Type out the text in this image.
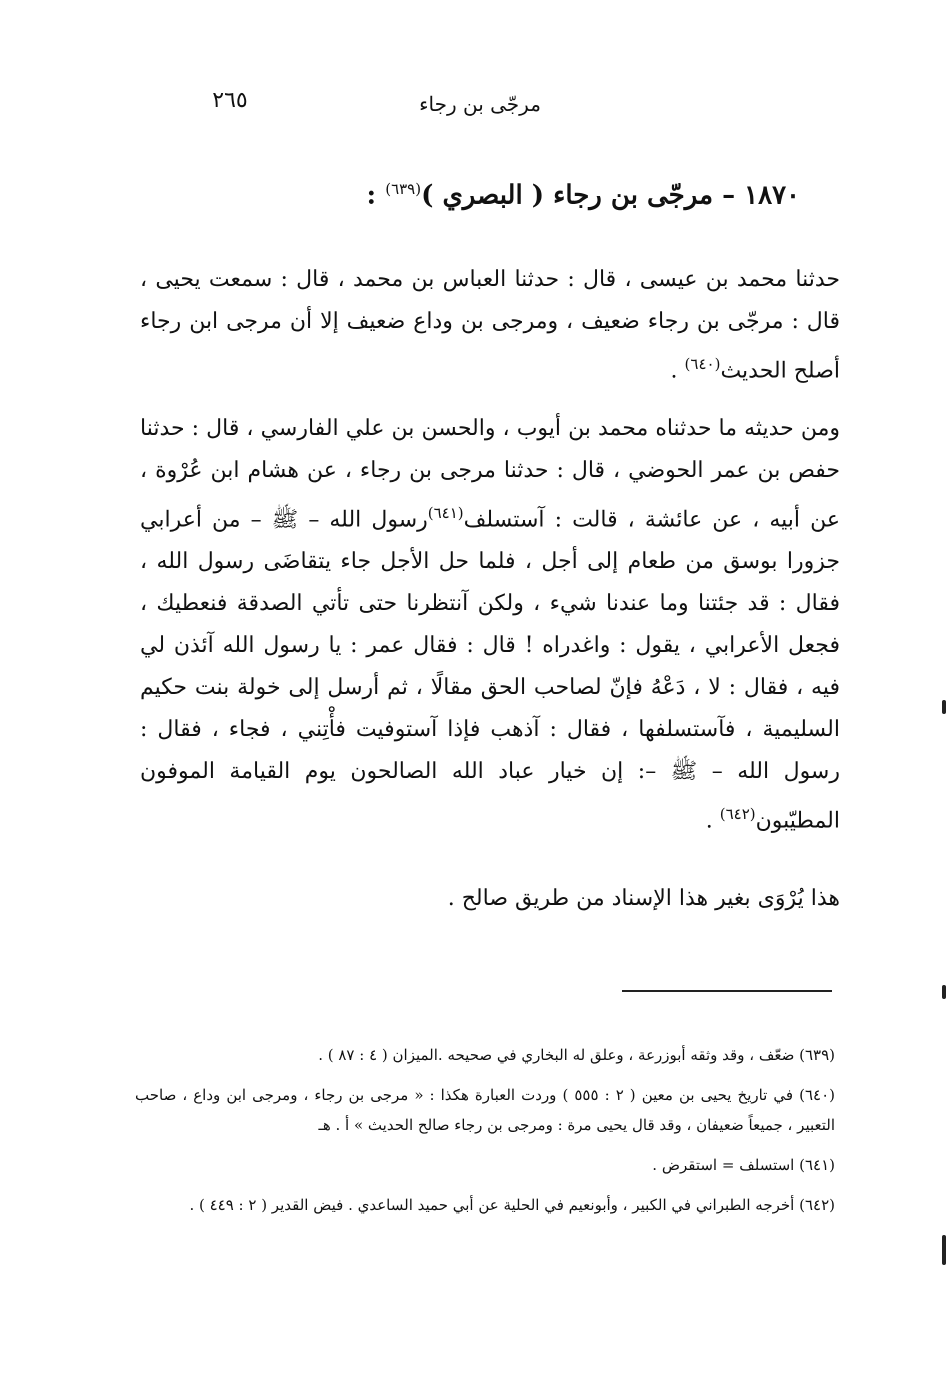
مرجّى بن رجاء
٢٦٥
١٨٧٠ – مرجّى بن رجاء ( البصري )$^{(٦٣٩)}$ :

حدثنا محمد بن عيسى ، قال : حدثنا العباس بن محمد ، قال : سمعت يحيى ، قال : مرجّى بن رجاء ضعيف ، ومرجى بن وداع ضعيف إلا أن مرجى ابن رجاء أصلح الحديث$^{(٦٤٠)}$ .

ومن حديثه ما حدثناه محمد بن أيوب ، والحسن بن علي الفارسي ، قال : حدثنا حفص بن عمر الحوضي ، قال : حدثنا مرجى بن رجاء ، عن هشام ابن عُرْوة ، عن أبيه ، عن عائشة ، قالت : آستسلف$^{(٦٤١)}$رسول الله – ﷺ – من أعرابي جزورا بوسق من طعام إلى أجل ، فلما حل الأجل جاء يتقاضَى رسول الله ، فقال : قد جئتنا وما عندنا شيء ، ولكن آنتظرنا حتى تأتي الصدقة فنعطيك ، فجعل الأعرابي ، يقول : واغدراه ! قال : فقال عمر : يا رسول الله آئذن لي فيه ، فقال : لا ، دَعْهُ فإنّ لصاحب الحق مقالًا ، ثم أرسل إلى خولة بنت حكيم السليمية ، فآستسلفها ، فقال : آذهب فإذا آستوفيت فأْتِني ، فجاء ، فقال : رسول الله – ﷺ –: إن خيار عباد الله الصالحون يوم القيامة الموفون المطيّبون$^{(٦٤٢)}$ .

هذا يُرْوَى بغير هذا الإسناد من طريق صالح .

(٦٣٩) ضعّف ، وقد وثقه أبوزرعة ، وعلق له البخاري في صحيحه .الميزان ( ٤ : ٨٧ ) .
(٦٤٠) في تاريخ يحيى بن معين ( ٢ : ٥٥٥ ) وردت العبارة هكذا : « مرجى بن رجاء ، ومرجى ابن وداع ، صاحب التعبير ، جميعاً ضعيفان ، وقد قال يحيى مرة : ومرجى بن رجاء صالح الحديث » أ . هـ
(٦٤١) استسلف = استقرض .
(٦٤٢) أخرجه الطبراني في الكبير ، وأبونعيم في الحلية عن أبي حميد الساعدي . فيض القدير ( ٢ : ٤٤٩ ) .
